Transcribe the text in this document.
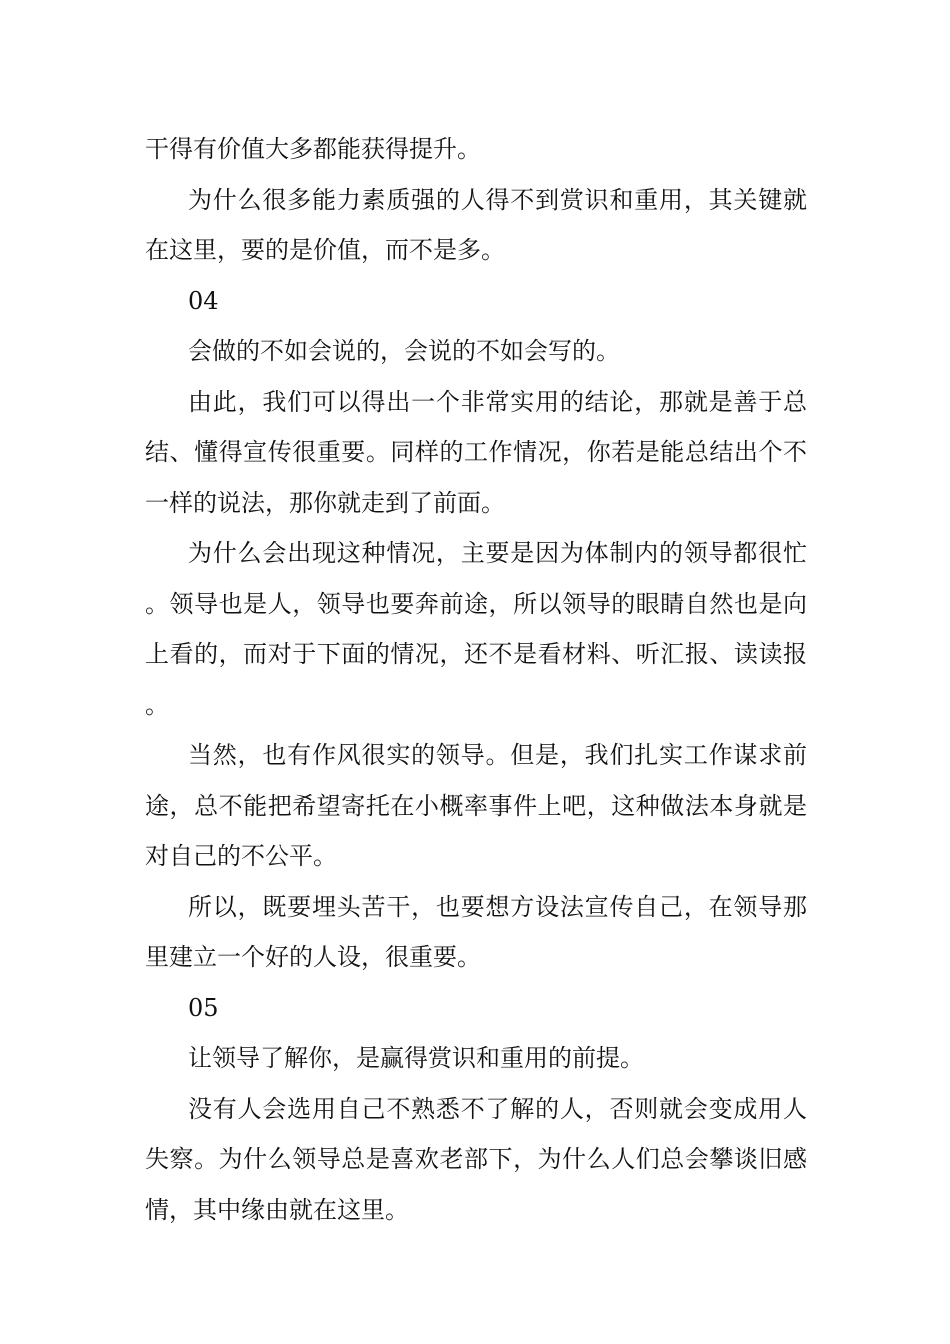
干得有价值大多都能获得提升。

为什么很多能力素质强的人得不到赏识和重用，其关键就在这里，要的是价值，而不是多。

04

会做的不如会说的，会说的不如会写的。

由此，我们可以得出一个非常实用的结论，那就是善于总结、懂得宣传很重要。同样的工作情况，你若是能总结出个不一样的说法，那你就走到了前面。

为什么会出现这种情况，主要是因为体制内的领导都很忙。领导也是人，领导也要奔前途，所以领导的眼睛自然也是向上看的，而对于下面的情况，还不是看材料、听汇报、读读报。

当然，也有作风很实的领导。但是，我们扎实工作谋求前途，总不能把希望寄托在小概率事件上吧，这种做法本身就是对自己的不公平。

所以，既要埋头苦干，也要想方设法宣传自己，在领导那里建立一个好的人设，很重要。

05

让领导了解你，是赢得赏识和重用的前提。

没有人会选用自己不熟悉不了解的人，否则就会变成用人失察。为什么领导总是喜欢老部下，为什么人们总会攀谈旧感情，其中缘由就在这里。
